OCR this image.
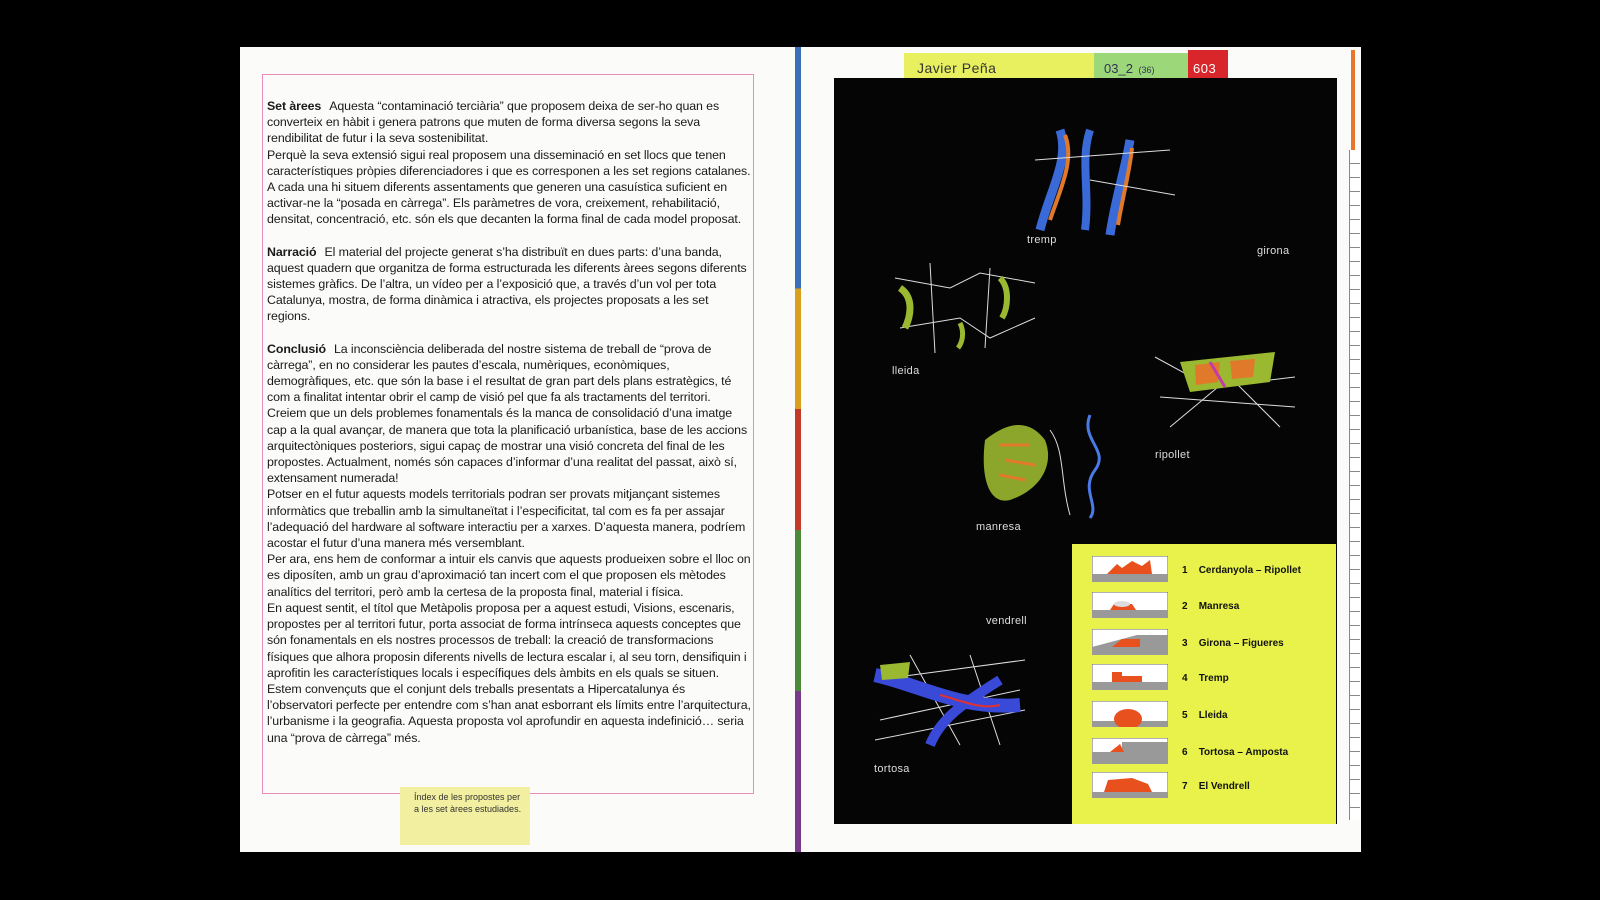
Set àrees Aquesta “contaminació terciària” que proposem deixa de ser-ho quan es converteix en hàbit i genera patrons que muten de forma diversa segons la seva rendibilitat de futur i la seva sostenibilitat.
Perquè la seva extensió sigui real proposem una disseminació en set llocs que tenen característiques pròpies diferenciadores i que es corresponen a les set regions catalanes. A cada una hi situem diferents assentaments que generen una casuística suficient en activar-ne la “posada en càrrega”. Els paràmetres de vora, creixement, rehabilitació, densitat, concentració, etc. són els que decanten la forma final de cada model proposat.

Narració El material del projecte generat s’ha distribuït en dues parts: d’una banda, aquest quadern que organitza de forma estructurada les diferents àrees segons diferents sistemes gràfics. De l’altra, un vídeo per a l’exposició que, a través d’un vol per tota Catalunya, mostra, de forma dinàmica i atractiva, els projectes proposats a les set regions.

Conclusió La inconsciència deliberada del nostre sistema de treball de “prova de càrrega”, en no considerar les pautes d’escala, numèriques, econòmiques, demogràfiques, etc. que són la base i el resultat de gran part dels plans estratègics, té com a finalitat intentar obrir el camp de visió pel que fa als tractaments del territori. Creiem que un dels problemes fonamentals és la manca de consolidació d’una imatge cap a la qual avançar, de manera que tota la planificació urbanística, base de les accions arquitectòniques posteriors, sigui capaç de mostrar una visió concreta del final de les propostes. Actualment, només són capaces d’informar d’una realitat del passat, això sí, extensament numerada!
Potser en el futur aquests models territorials podran ser provats mitjançant sistemes informàtics que treballin amb la simultaneïtat i l’especificitat, tal com es fa per assajar l’adequació del hardware al software interactiu per a xarxes. D’aquesta manera, podríem acostar el futur d’una manera més versemblant.
Per ara, ens hem de conformar a intuir els canvis que aquests produeixen sobre el lloc on es diposíten, amb un grau d’aproximació tan incert com el que proposen els mètodes analítics del territori, però amb la certesa de la proposta final, material i física.
En aquest sentit, el títol que Metàpolis proposa per a aquest estudi, Visions, escenaris, propostes per al territori futur, porta associat de forma intrínseca aquests conceptes que són fonamentals en els nostres processos de treball: la creació de transformacions físiques que alhora proposin diferents nivells de lectura escalar i, al seu torn, densifiquin i aprofitin les característiques locals i específiques dels àmbits en els quals se situen.
Estem convençuts que el conjunt dels treballs presentats a Hipercatalunya és l’observatori perfecte per entendre com s’han anat esborrant els límits entre l’arquitectura, l’urbanisme i la geografia. Aquesta proposta vol aprofundir en aquesta indefinició… seria una “prova de càrrega” més.

Índex de les propostes per a les set àrees estudiades.
Javier Peña	03_2 (36)	603
tremp
girona
lleida
ripollet
manresa
vendrell
tortosa
1 Cerdanyola – Ripollet
2 Manresa
3 Girona – Figueres
4 Tremp
5 Lleida
6 Tortosa – Amposta
7 El Vendrell
